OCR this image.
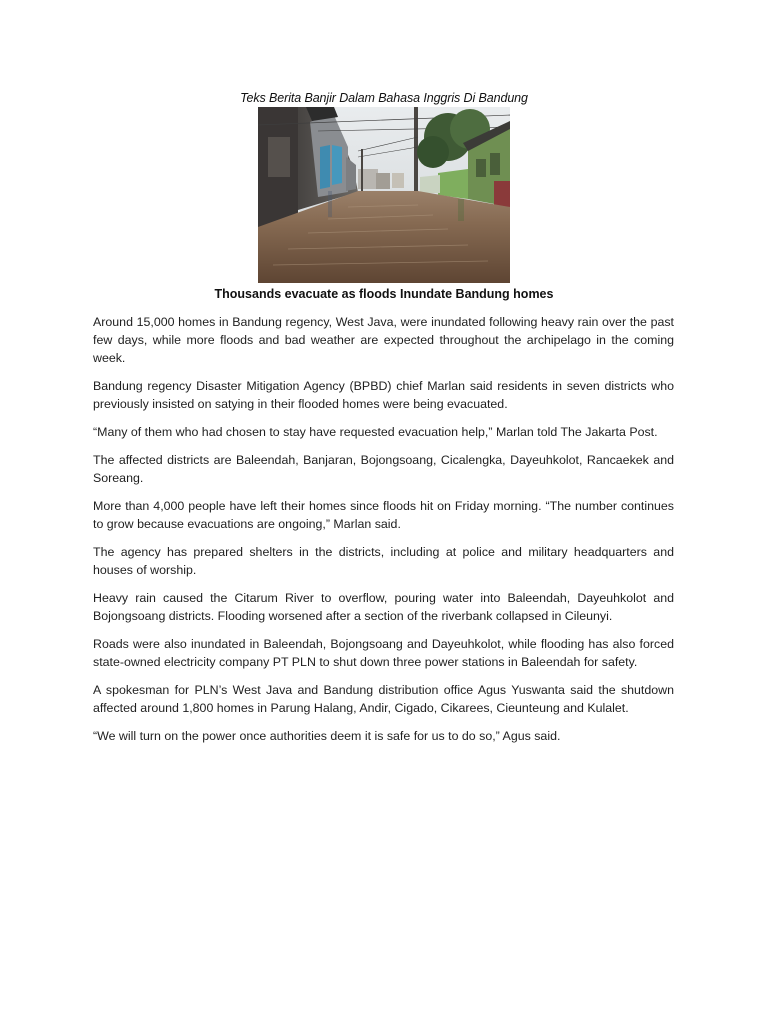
Teks Berita Banjir Dalam Bahasa Inggris Di Bandung
Thousands evacuate as floods Inundate Bandung homes

Around 15,000 homes in Bandung regency, West Java, were inundated following heavy rain over the past few days, while more floods and bad weather are expected throughout the archipelago in the coming week.

Bandung regency Disaster Mitigation Agency (BPBD) chief Marlan said residents in seven districts who previously insisted on satying in their flooded homes were being evacuated.

“Many of them who had chosen to stay have requested evacuation help,” Marlan told The Jakarta Post.

The affected districts are Baleendah, Banjaran, Bojongsoang, Cicalengka, Dayeuhkolot, Rancaekek and Soreang.

More than 4,000 people have left their homes since floods hit on Friday morning. “The number continues to grow because evacuations are ongoing,” Marlan said.

The agency has prepared shelters in the districts, including at police and military headquarters and houses of worship.

Heavy rain caused the Citarum River to overflow, pouring water into Baleendah, Dayeuhkolot and Bojongsoang districts. Flooding worsened after a section of the riverbank collapsed in Cileunyi.

Roads were also inundated in Baleendah, Bojongsoang and Dayeuhkolot, while flooding has also forced state-owned electricity company PT PLN to shut down three power stations in Baleendah for safety.

A spokesman for PLN’s West Java and Bandung distribution office Agus Yuswanta said the shutdown affected around 1,800 homes in Parung Halang, Andir, Cigado, Cikarees, Cieunteung and Kulalet.

“We will turn on the power once authorities deem it is safe for us to do so,” Agus said.
